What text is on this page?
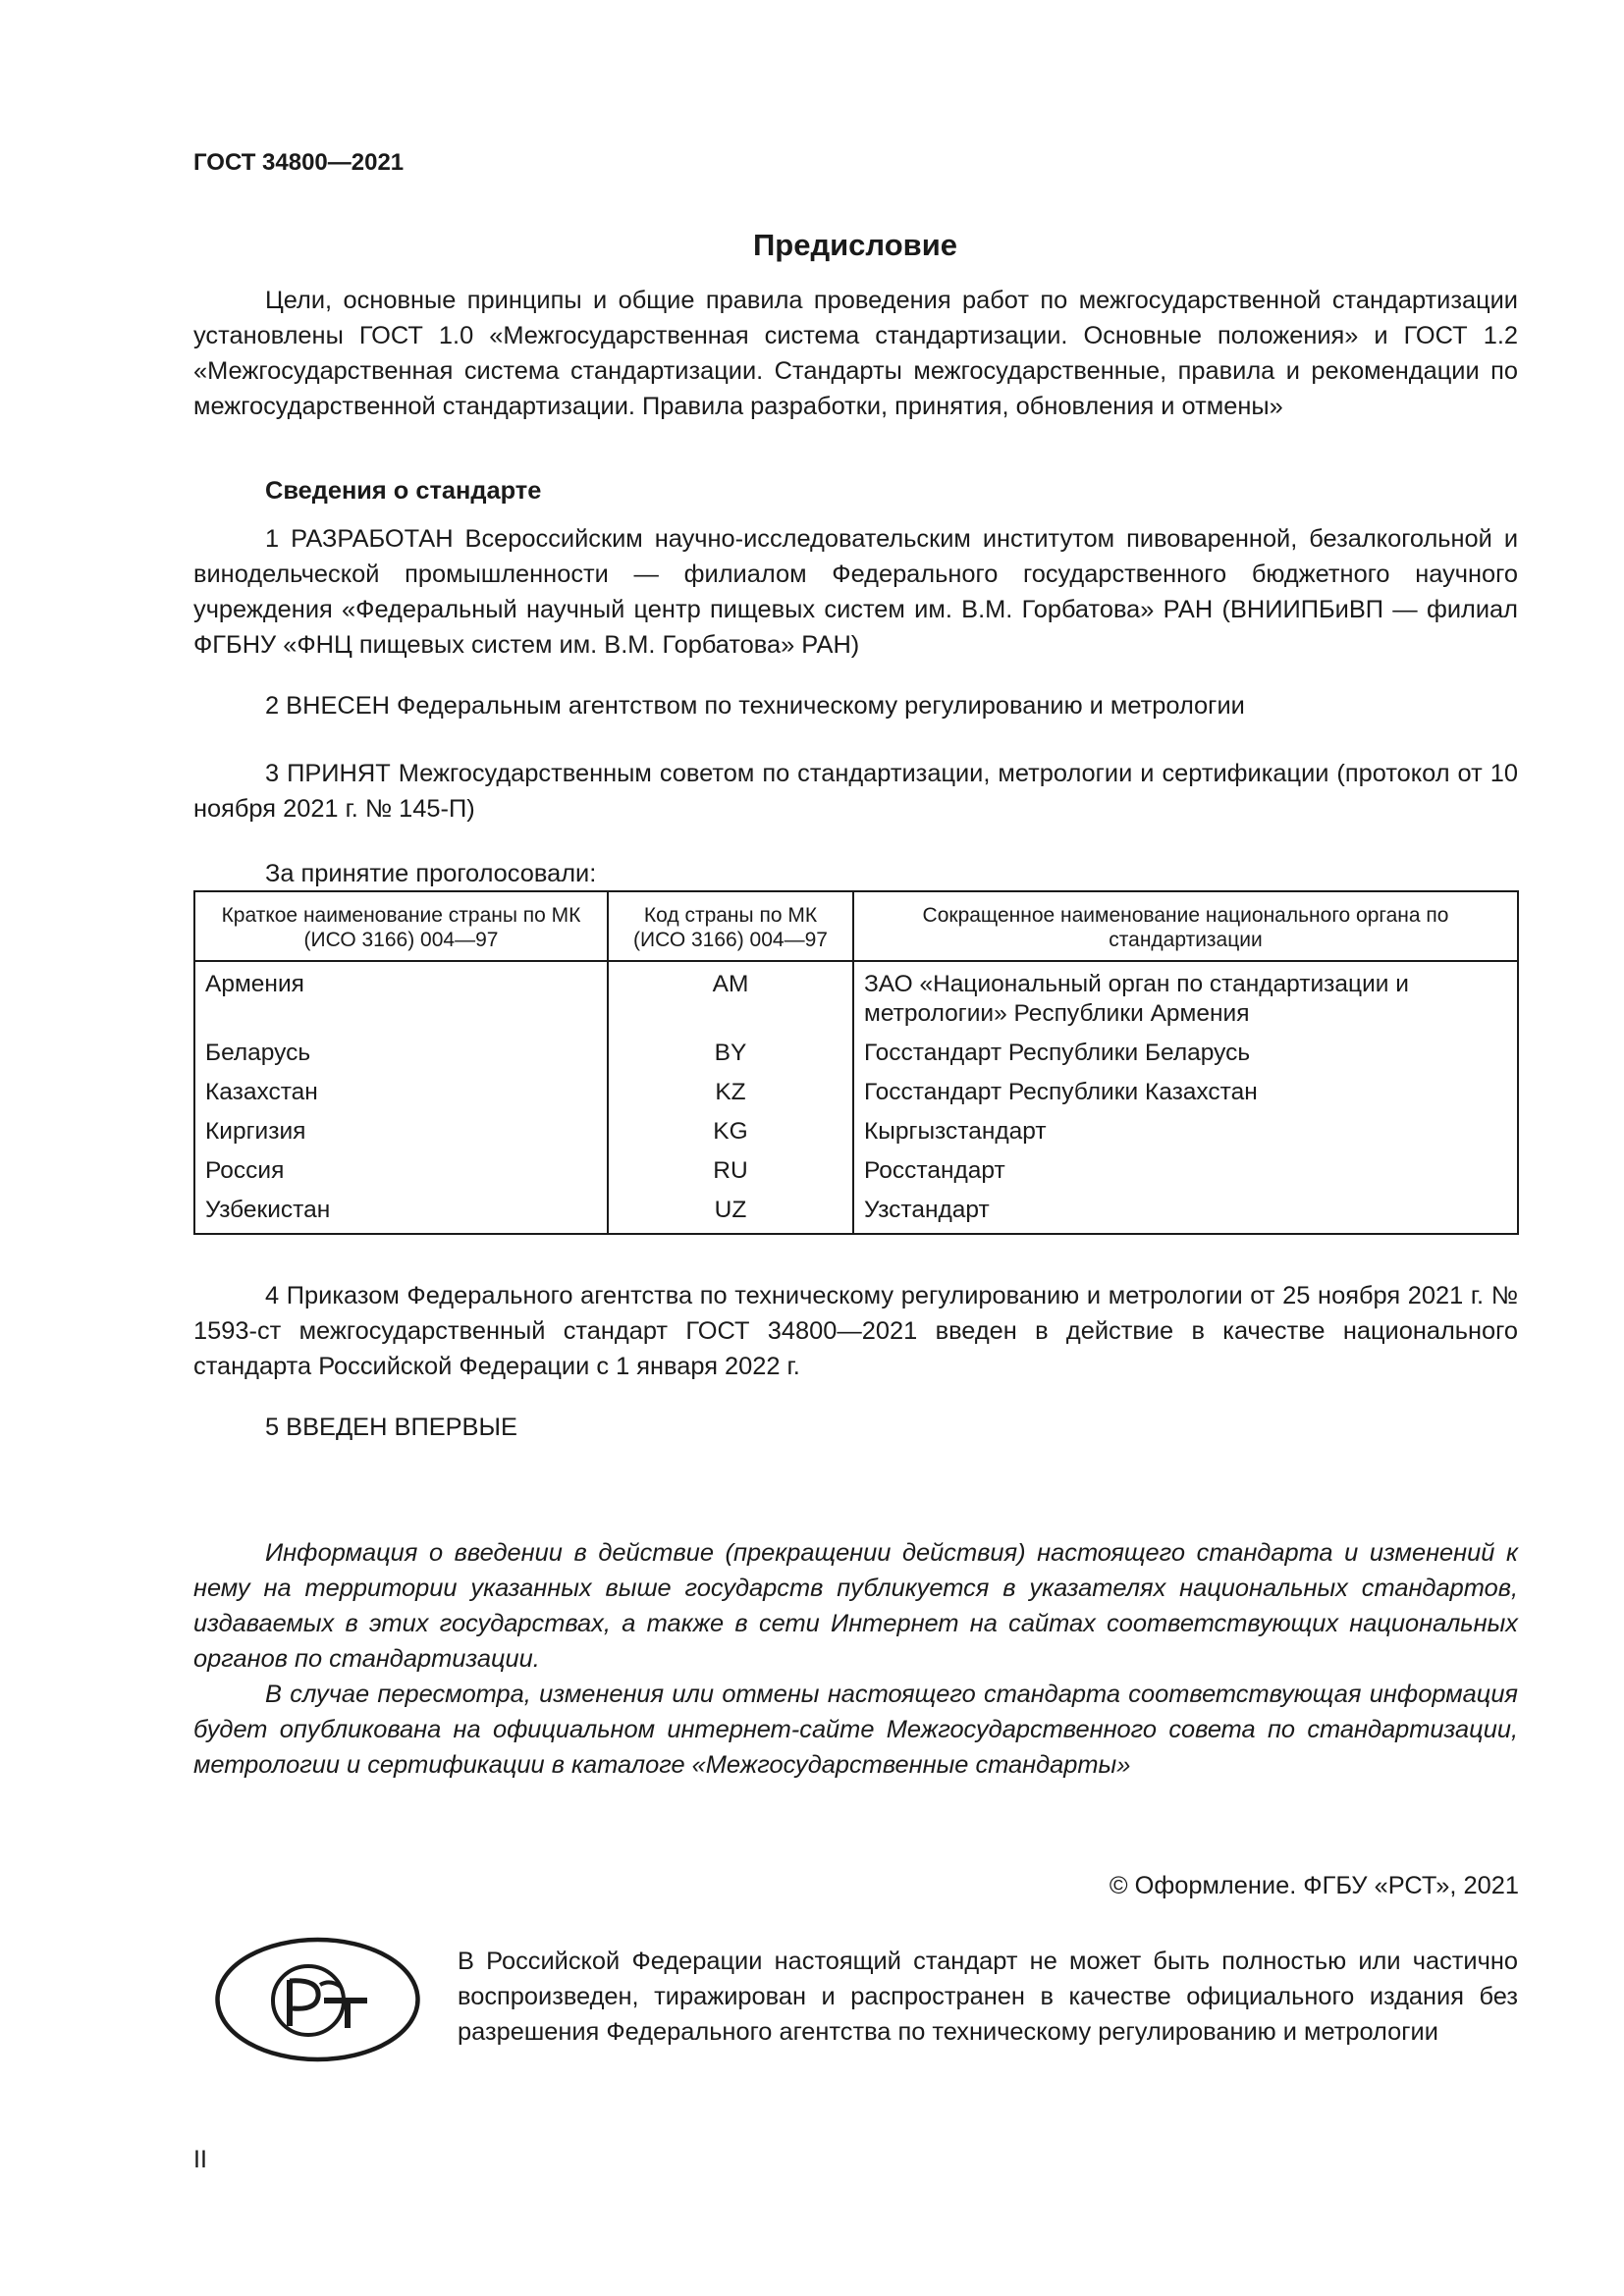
ГОСТ 34800—2021
Предисловие
Цели, основные принципы и общие правила проведения работ по межгосударственной стандартизации установлены ГОСТ 1.0 «Межгосударственная система стандартизации. Основные положения» и ГОСТ 1.2 «Межгосударственная система стандартизации. Стандарты межгосударственные, правила и рекомендации по межгосударственной стандартизации. Правила разработки, принятия, обновления и отмены»
Сведения о стандарте
1 РАЗРАБОТАН Всероссийским научно-исследовательским институтом пивоваренной, безалкогольной и винодельческой промышленности — филиалом Федерального государственного бюджетного научного учреждения «Федеральный научный центр пищевых систем им. В.М. Горбатова» РАН (ВНИИПБиВП — филиал ФГБНУ «ФНЦ пищевых систем им. В.М. Горбатова» РАН)
2 ВНЕСЕН Федеральным агентством по техническому регулированию и метрологии
3 ПРИНЯТ Межгосударственным советом по стандартизации, метрологии и сертификации (протокол от 10 ноября 2021 г. № 145-П)
За принятие проголосовали:
Краткое наименование страны по МК (ИСО 3166) 004—97	Код страны по МК (ИСО 3166) 004—97	Сокращенное наименование национального органа по стандартизации
Армения	AM	ЗАО «Национальный орган по стандартизации и метрологии» Республики Армения
Беларусь	BY	Госстандарт Республики Беларусь
Казахстан	KZ	Госстандарт Республики Казахстан
Киргизия	KG	Кыргызстандарт
Россия	RU	Росстандарт
Узбекистан	UZ	Узстандарт
4 Приказом Федерального агентства по техническому регулированию и метрологии от 25 ноября 2021 г. № 1593-ст межгосударственный стандарт ГОСТ 34800—2021 введен в действие в качестве национального стандарта Российской Федерации с 1 января 2022 г.
5 ВВЕДЕН ВПЕРВЫЕ
Информация о введении в действие (прекращении действия) настоящего стандарта и изменений к нему на территории указанных выше государств публикуется в указателях национальных стандартов, издаваемых в этих государствах, а также в сети Интернет на сайтах соответствующих национальных органов по стандартизации.
В случае пересмотра, изменения или отмены настоящего стандарта соответствующая информация будет опубликована на официальном интернет-сайте Межгосударственного совета по стандартизации, метрологии и сертификации в каталоге «Межгосударственные стандарты»
© Оформление. ФГБУ «РСТ», 2021
В Российской Федерации настоящий стандарт не может быть полностью или частично воспроизведен, тиражирован и распространен в качестве официального издания без разрешения Федерального агентства по техническому регулированию и метрологии
II
